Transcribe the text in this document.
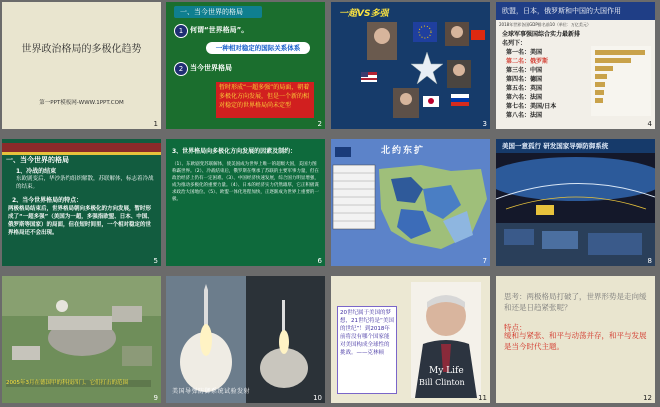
世界政治格局的多极化趋势
第一PPT模板网-WWW.1PPT.COM
1
一、当今世界的格局
1 何谓“世界格局”。
一种相对稳定的国际关系体系
2 当今世界格局
暂时形成“一超多强”的局面，朝着多极化方向发展，但是一个新的相对稳定的世界格局尚未定型
2
一超VS多强
3
欧盟，日本，俄罗斯和中国的大国作用
2018年世界各国GDP排名前10（单位：万亿美元）
全球军事强国综合实力最新排
名列下：
第一名：美国
第二名：俄罗斯
第三名：中国
第四名：德国
第五名：英国
第六名：法国
第七名：美国/日本
第八名：法国
4
一、当今世界的格局
1、冷战的结束
东欧剧变后，华沙条约组织解散，苏联解体，标志着冷战的结束。
2、当今世界格局的特点：
两极格局结束后，世界格局朝向多极化的方向发展，暂时形成了“一超多强”（美国为一超，多强指欧盟、日本、中国、俄罗斯等国家）的局面，但在短时间里，一个相对稳定的世界格局还不会出现。
5
3、世界格局向多极化方向发展的因素及制约：
（1）、东欧剧变苏联解体，使美国成为世界上唯一的超级大国，美国力图称霸世界。（2）、冷战结束后，俄罗斯在继承了苏联的主要军事力量，但在政治经济上仍有一定困难。（3）、中国经济快速发展，综合国力明显增强，成为推动多极化的重要力量。（4）、日本的经济实力仍然雄厚，它正积极谋求政治大国地位。（5）、欧盟一体化进程加快，正逐渐成为世界上重要的一极。
6
北约东扩
7
美国一意孤行 研发国家导弹防御系统
8
2005年3月在德国甲的科技四门、它们打击的范围
9
美国导弹防御系统试验发射
10
20世纪属于美国的梦想，21世纪将是“美国的世纪”！到2018年前将没有哪个国家能对美国构成全球性的挑战。——克林顿
My Life
Bill Clinton
11
思考：两极格局打破了，世界形势是走向缓和还是日趋紧张呢？
特点：
缓和与紧张、和平与动荡并存，和平与发展是当今时代主题。
12
